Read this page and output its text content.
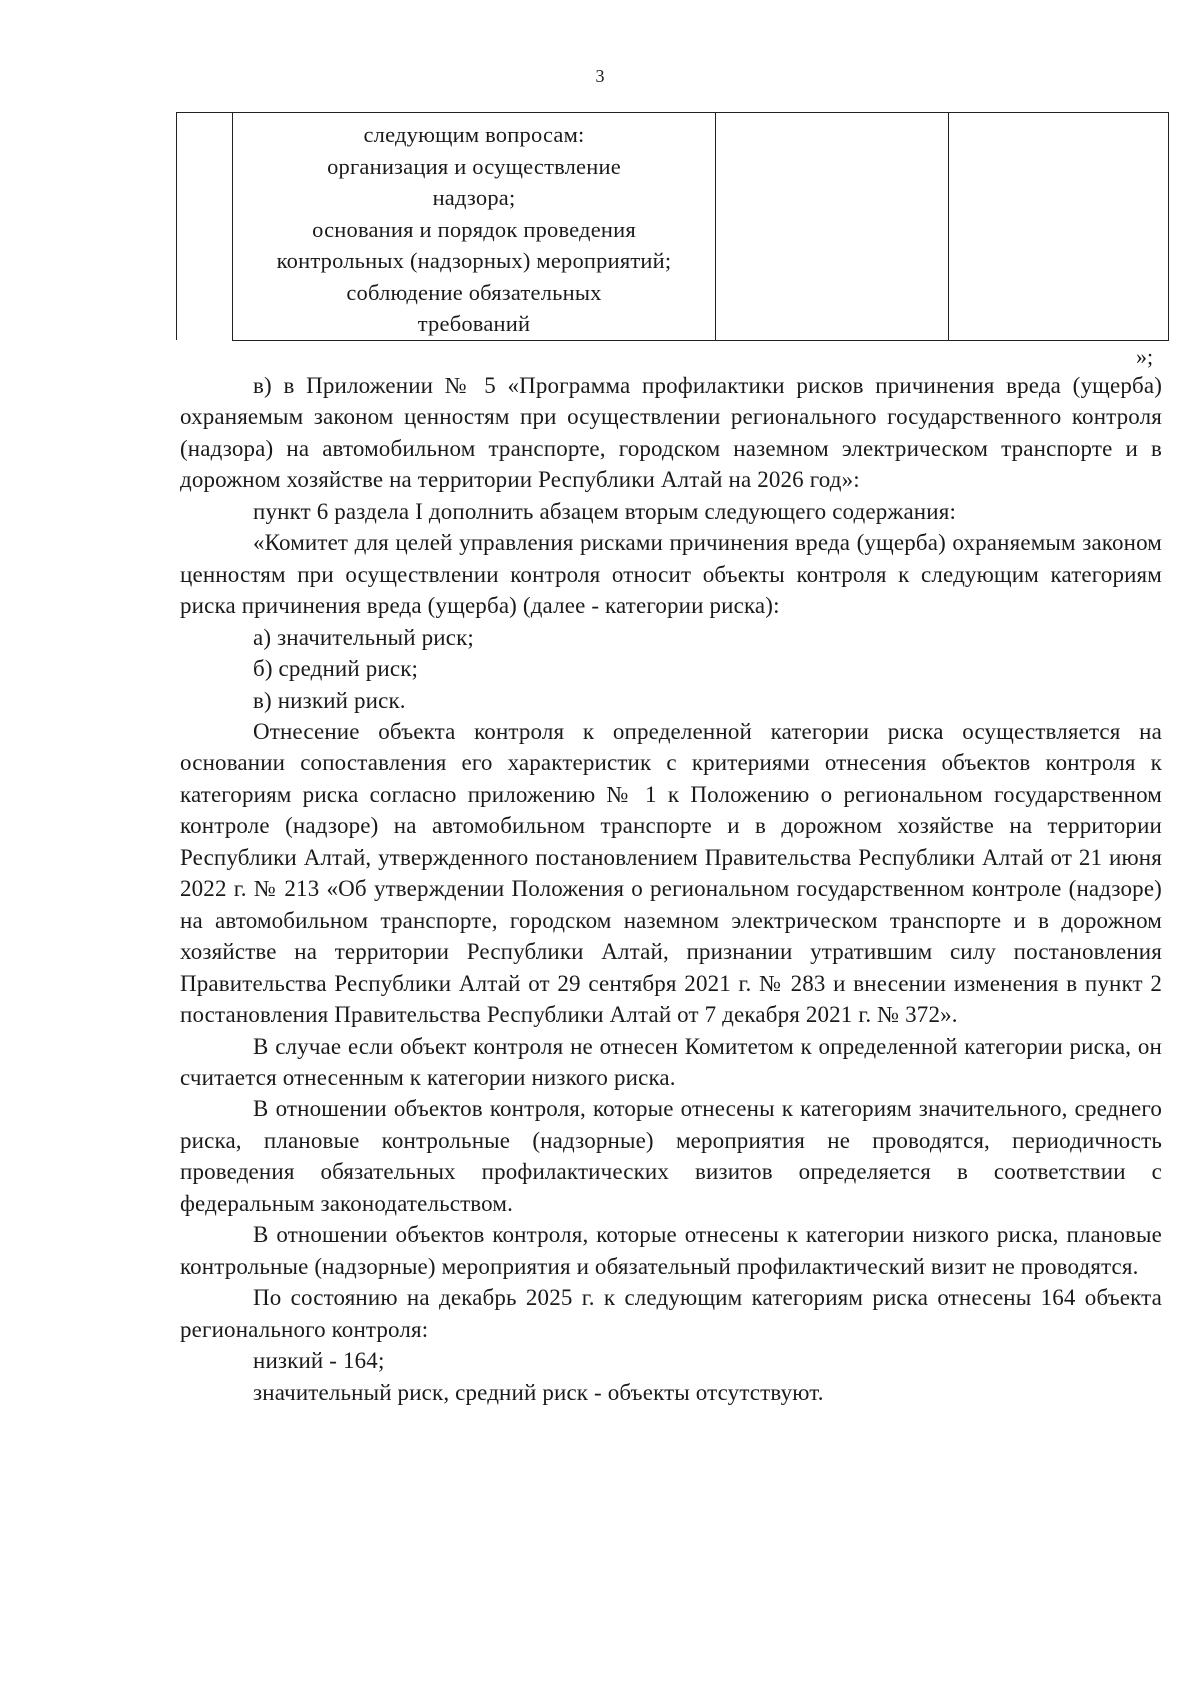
3

следующим вопросам:
организация и осуществление
надзора;
основания и порядок проведения
контрольных (надзорных) мероприятий;
соблюдение обязательных
требований

»;

в) в Приложении № 5 «Программа профилактики рисков причинения вреда (ущерба) охраняемым законом ценностям при осуществлении регионального государственного контроля (надзора) на автомобильном транспорте, городском наземном электрическом транспорте и в дорожном хозяйстве на территории Республики Алтай на 2026 год»:

пункт 6 раздела I дополнить абзацем вторым следующего содержания:

«Комитет для целей управления рисками причинения вреда (ущерба) охраняемым законом ценностям при осуществлении контроля относит объекты контроля к следующим категориям риска причинения вреда (ущерба) (далее - категории риска):

а) значительный риск;

б) средний риск;

в) низкий риск.

Отнесение объекта контроля к определенной категории риска осуществляется на основании сопоставления его характеристик с критериями отнесения объектов контроля к категориям риска согласно приложению № 1 к Положению о региональном государственном контроле (надзоре) на автомобильном транспорте и в дорожном хозяйстве на территории Республики Алтай, утвержденного постановлением Правительства Республики Алтай от 21 июня 2022 г. № 213 «Об утверждении Положения о региональном государственном контроле (надзоре) на автомобильном транспорте, городском наземном электрическом транспорте и в дорожном хозяйстве на территории Республики Алтай, признании утратившим силу постановления Правительства Республики Алтай от 29 сентября 2021 г. № 283 и внесении изменения в пункт 2 постановления Правительства Республики Алтай от 7 декабря 2021 г. № 372».

В случае если объект контроля не отнесен Комитетом к определенной категории риска, он считается отнесенным к категории низкого риска.

В отношении объектов контроля, которые отнесены к категориям значительного, среднего риска, плановые контрольные (надзорные) мероприятия не проводятся, периодичность проведения обязательных профилактических визитов определяется в соответствии с федеральным законодательством.

В отношении объектов контроля, которые отнесены к категории низкого риска, плановые контрольные (надзорные) мероприятия и обязательный профилактический визит не проводятся.

По состоянию на декабрь 2025 г. к следующим категориям риска отнесены 164 объекта регионального контроля:

низкий - 164;

значительный риск, средний риск - объекты отсутствуют.
